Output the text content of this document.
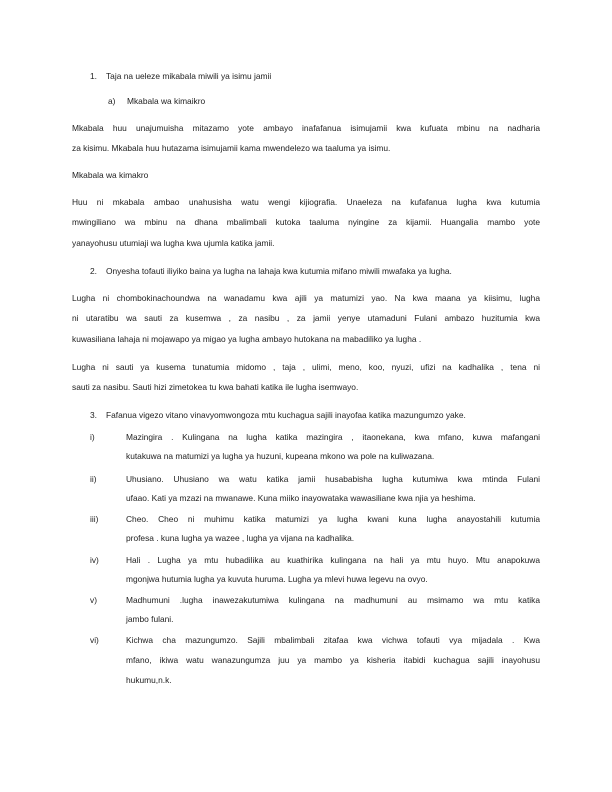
1. Taja na ueleze mikabala miwili ya isimu jamii
a) Mkabala wa kimaikro
Mkabala huu unajumuisha mitazamo yote ambayo inafafanua isimujamii kwa kufuata mbinu na nadharia
za kisimu. Mkabala huu hutazama isimujamii kama mwendelezo wa taaluma ya isimu.
Mkabala wa kimakro
Huu ni mkabala ambao unahusisha watu wengi kijiografia. Unaeleza na kufafanua lugha kwa kutumia
mwingiliano wa mbinu na dhana mbalimbali kutoka taaluma nyingine za kijamii. Huangalia mambo yote
yanayohusu utumiaji wa lugha kwa ujumla katika jamii.
2. Onyesha tofauti iliyiko baina ya lugha na lahaja kwa kutumia mifano miwili mwafaka ya lugha.
Lugha ni chombokinachoundwa na wanadamu kwa ajili ya matumizi yao. Na kwa maana ya kiisimu, lugha
ni utaratibu wa sauti za kusemwa , za nasibu , za jamii yenye utamaduni Fulani ambazo huzitumia kwa
kuwasiliana lahaja ni mojawapo ya migao ya lugha ambayo hutokana na mabadiliko ya lugha .
Lugha ni sauti ya kusema tunatumia midomo , taja , ulimi, meno, koo, nyuzi, ufizi na kadhalika , tena ni
sauti za nasibu. Sauti hizi zimetokea tu kwa bahati katika ile lugha isemwayo.
3. Fafanua vigezo vitano vinavyomwongoza mtu kuchagua sajili inayofaa katika mazungumzo yake.
i)	Mazingira . Kulingana na lugha katika mazingira , itaonekana, kwa mfano, kuwa mafangani
kutakuwa na matumizi ya lugha ya huzuni, kupeana mkono wa pole na kuliwazana.
ii)	Uhusiano. Uhusiano wa watu katika jamii husababisha lugha kutumiwa kwa mtinda Fulani
ufaao. Kati ya mzazi na mwanawe. Kuna miiko inayowataka wawasiliane kwa njia ya heshima.
iii)	Cheo. Cheo ni muhimu katika matumizi ya lugha kwani kuna lugha anayostahili kutumia
profesa . kuna lugha ya wazee , lugha ya vijana na kadhalika.
iv)	Hali . Lugha ya mtu hubadilika au kuathirika kulingana na hali ya mtu huyo. Mtu anapokuwa
mgonjwa hutumia lugha ya kuvuta huruma. Lugha ya mlevi huwa legevu na ovyo.
v)	Madhumuni .lugha inawezakutumiwa kulingana na madhumuni au msimamo wa mtu katika
jambo fulani.
vi)	Kichwa cha mazungumzo. Sajili mbalimbali zitafaa kwa vichwa tofauti vya mijadala . Kwa
mfano, ikiwa watu wanazungumza juu ya mambo ya kisheria itabidi kuchagua sajili inayohusu
hukumu,n.k.
